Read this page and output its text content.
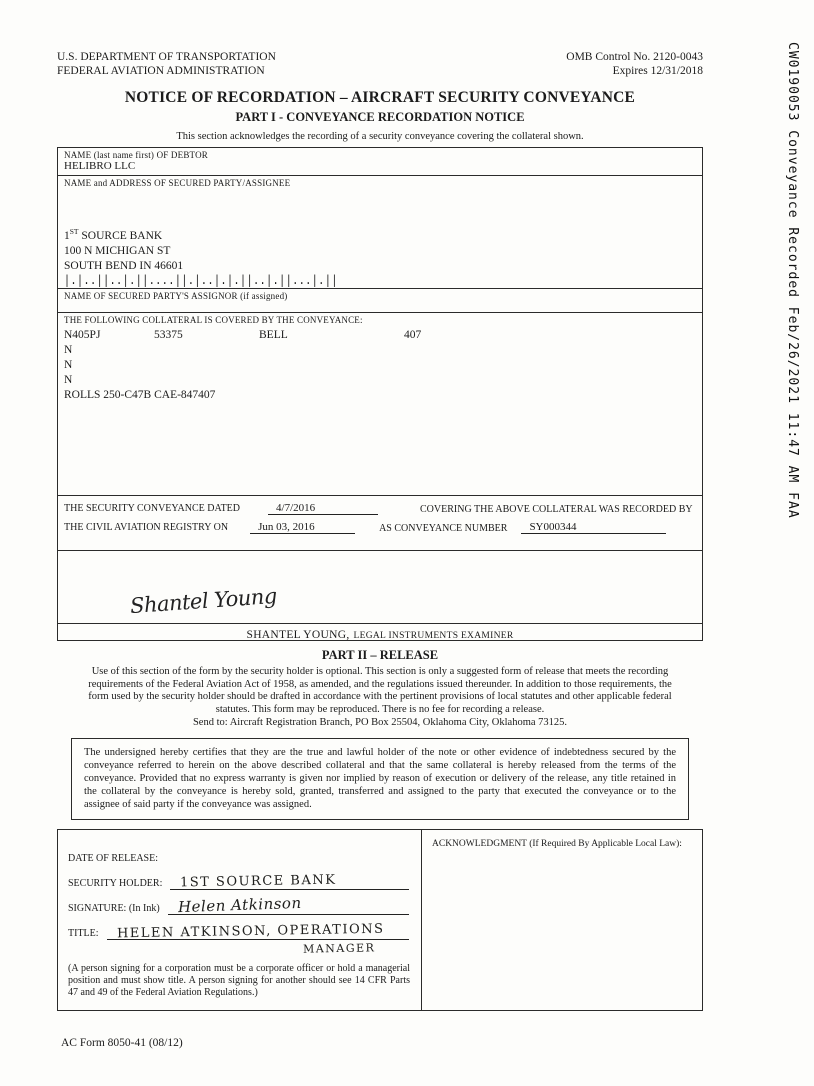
CW0190053 Conveyance Recorded Feb/26/2021 11:47 AM FAA
U.S. DEPARTMENT OF TRANSPORTATION
FEDERAL AVIATION ADMINISTRATION
OMB Control No. 2120-0043
Expires 12/31/2018
NOTICE OF RECORDATION – AIRCRAFT SECURITY CONVEYANCE
PART I - CONVEYANCE RECORDATION NOTICE
This section acknowledges the recording of a security conveyance covering the collateral shown.
NAME (last name first) OF DEBTOR
HELIBRO LLC
NAME and ADDRESS OF SECURED PARTY/ASSIGNEE
1ST SOURCE BANK
100 N MICHIGAN ST
SOUTH BEND IN 46601
|.|..||..|.||....||.|..|.|.||..|.||...|.||
NAME OF SECURED PARTY'S ASSIGNOR (if assigned)
THE FOLLOWING COLLATERAL IS COVERED BY THE CONVEYANCE:
N405PJ	53375	BELL	407
N
N
N
ROLLS 250-C47B CAE-847407
THE SECURITY CONVEYANCE DATED	4/7/2016	COVERING THE ABOVE COLLATERAL WAS RECORDED BY
THE CIVIL AVIATION REGISTRY ON	Jun 03, 2016	AS CONVEYANCE NUMBER	SY000344
Shantel Young
SHANTEL YOUNG, LEGAL INSTRUMENTS EXAMINER
PART II – RELEASE
Use of this section of the form by the security holder is optional. This section is only a suggested form of release that meets the recording requirements of the Federal Aviation Act of 1958, as amended, and the regulations issued thereunder. In addition to those requirements, the form used by the security holder should be drafted in accordance with the pertinent provisions of local statutes and other applicable federal statutes. This form may be reproduced. There is no fee for recording a release.
Send to: Aircraft Registration Branch, PO Box 25504, Oklahoma City, Oklahoma 73125.
The undersigned hereby certifies that they are the true and lawful holder of the note or other evidence of indebtedness secured by the conveyance referred to herein on the above described collateral and that the same collateral is hereby released from the terms of the conveyance. Provided that no express warranty is given nor implied by reason of execution or delivery of the release, any title retained in the collateral by the conveyance is hereby sold, granted, transferred and assigned to the party that executed the conveyance or to the assignee of said party if the conveyance was assigned.
DATE OF RELEASE:
SECURITY HOLDER:	1ST SOURCE BANK
SIGNATURE: (In Ink)	Helen Atkinson
TITLE:	HELEN ATKINSON, OPERATIONS
MANAGER
(A person signing for a corporation must be a corporate officer or hold a managerial position and must show title. A person signing for another should see 14 CFR Parts 47 and 49 of the Federal Aviation Regulations.)
ACKNOWLEDGMENT (If Required By Applicable Local Law):
AC Form 8050-41 (08/12)
